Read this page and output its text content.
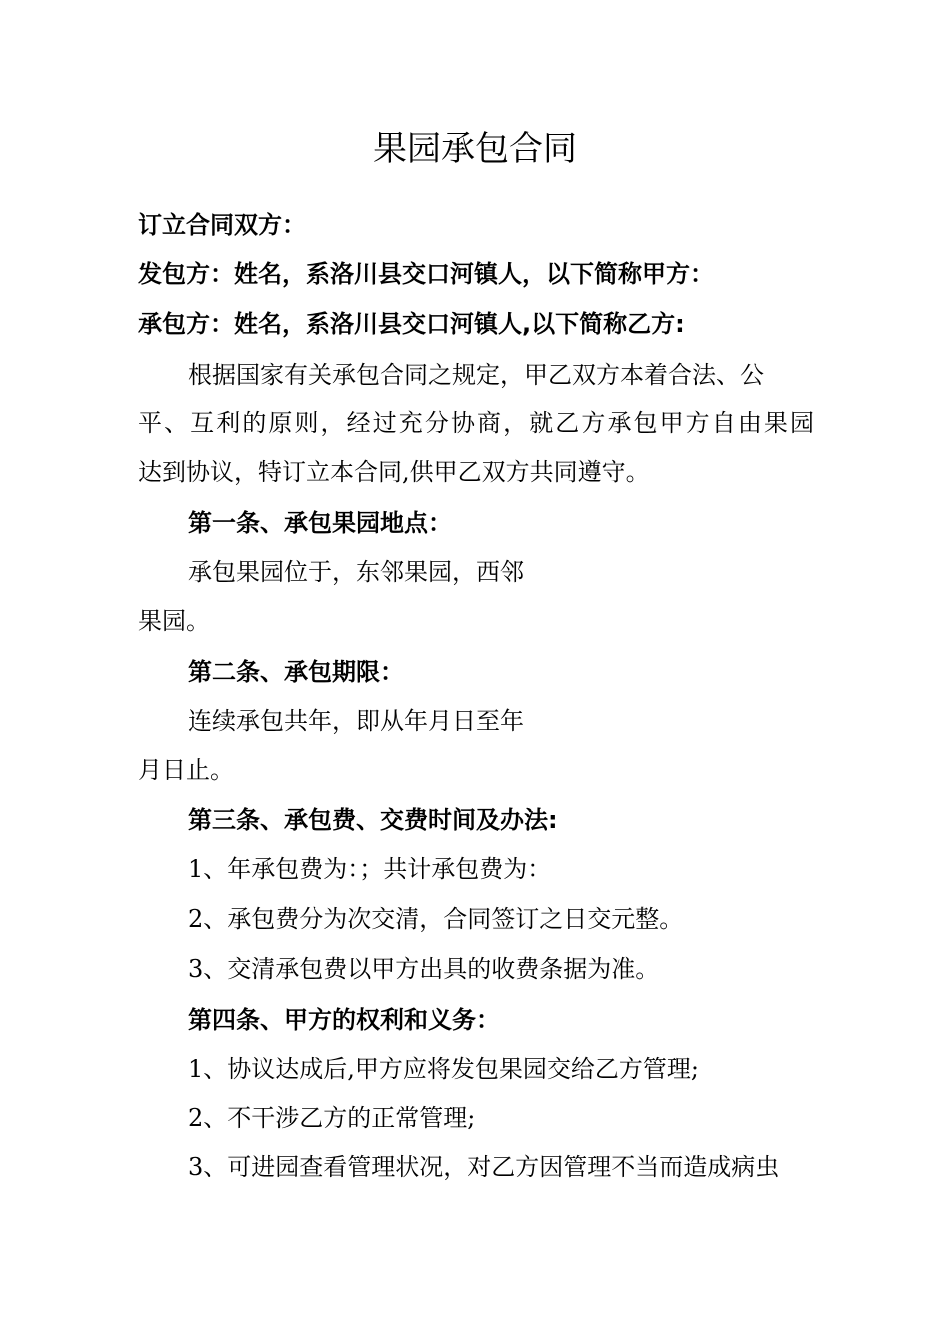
果园承包合同
订立合同双方：
发包方：姓名，系洛川县交口河镇人，以下简称甲方：
承包方：姓名，系洛川县交口河镇人,以下简称乙方:
根据国家有关承包合同之规定，甲乙双方本着合法、公
平、互利的原则，经过充分协商，就乙方承包甲方自由果园
达到协议，特订立本合同,供甲乙双方共同遵守。
第一条、承包果园地点：
承包果园位于，东邻果园，西邻
果园。
第二条、承包期限：
连续承包共年，即从年月日至年
月日止。
第三条、承包费、交费时间及办法:
1、年承包费为：；共计承包费为：
2、承包费分为次交清，合同签订之日交元整。
3、交清承包费以甲方出具的收费条据为准。
第四条、甲方的权利和义务：
1、协议达成后,甲方应将发包果园交给乙方管理;
2、不干涉乙方的正常管理;
3、可进园查看管理状况，对乙方因管理不当而造成病虫
